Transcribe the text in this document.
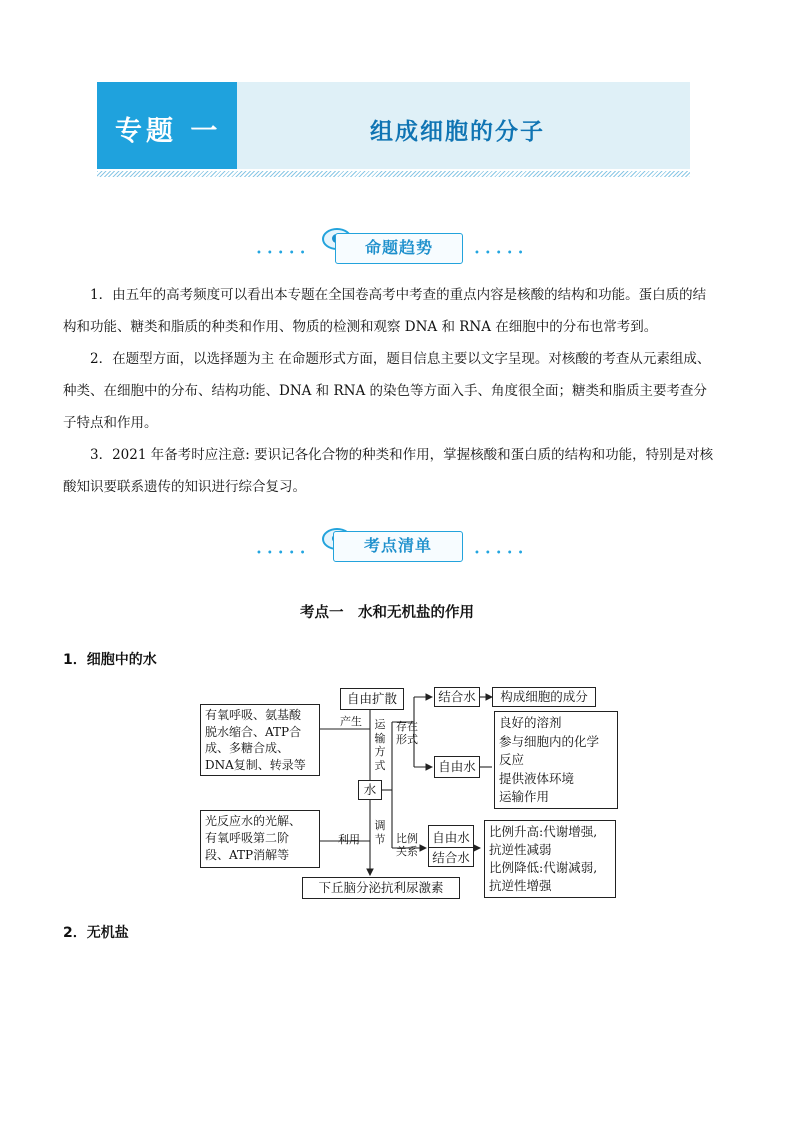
专题 一	组成细胞的分子
•••••	命题趋势	•••••
1．由五年的高考频度可以看出本专题在全国卷高考中考查的重点内容是核酸的结构和功能。蛋白质的结
构和功能、糖类和脂质的种类和作用、物质的检测和观察 DNA 和 RNA 在细胞中的分布也常考到。
2．在题型方面，以选择题为主 在命题形式方面，题目信息主要以文字呈现。对核酸的考查从元素组成、
种类、在细胞中的分布、结构功能、DNA 和 RNA 的染色等方面入手、角度很全面；糖类和脂质主要考查分
子特点和作用。
3．2021 年备考时应注意: 要识记各化合物的种类和作用，掌握核酸和蛋白质的结构和功能，特别是对核
酸知识要联系遗传的知识进行综合复习。
•••••	考点清单	•••••
考点一　水和无机盐的作用
1．细胞中的水
自由扩散
有氧呼吸、氨基酸
脱水缩合、ATP合
成、多糖合成、
DNA复制、转录等
光反应水的光解、
有氧呼吸第二阶
段、ATP消解等
水
下丘脑分泌抗利尿激素
结合水	构成细胞的成分
自由水
良好的溶剂
参与细胞内的化学
反应
提供液体环境
运输作用
自由水
结合水
比例升高:代谢增强,
抗逆性减弱
比例降低:代谢减弱,
抗逆性增强
产生
利用
运输方式
调节
存在
形式
比例
关系
2．无机盐
